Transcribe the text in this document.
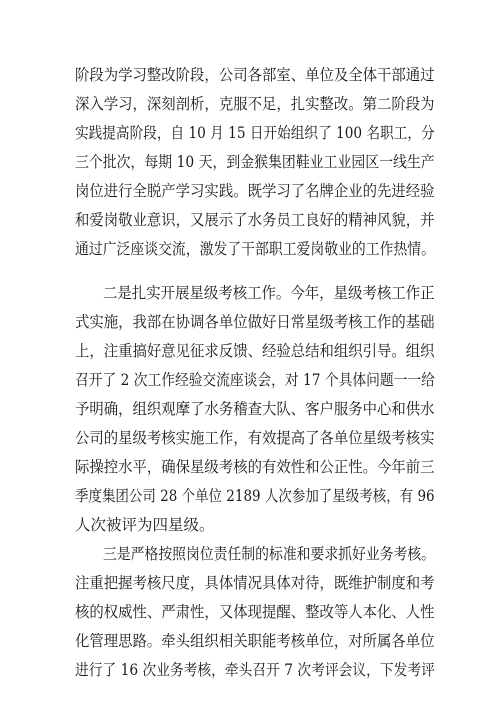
阶段为学习整改阶段，公司各部室、单位及全体干部通过
深入学习，深刻剖析，克服不足，扎实整改。第二阶段为
实践提高阶段，自 10 月 15 日开始组织了 100 名职工，分
三个批次，每期 10 天，到金猴集团鞋业工业园区一线生产
岗位进行全脱产学习实践。既学习了名牌企业的先进经验
和爱岗敬业意识，又展示了水务员工良好的精神风貌，并
通过广泛座谈交流，激发了干部职工爱岗敬业的工作热情。
二是扎实开展星级考核工作。今年，星级考核工作正
式实施，我部在协调各单位做好日常星级考核工作的基础
上，注重搞好意见征求反馈、经验总结和组织引导。组织
召开了 2 次工作经验交流座谈会，对 17 个具体问题一一给
予明确，组织观摩了水务稽查大队、客户服务中心和供水
公司的星级考核实施工作，有效提高了各单位星级考核实
际操控水平，确保星级考核的有效性和公正性。今年前三
季度集团公司 28 个单位 2189 人次参加了星级考核，有 96
人次被评为四星级。
三是严格按照岗位责任制的标准和要求抓好业务考核。
注重把握考核尺度，具体情况具体对待，既维护制度和考
核的权威性、严肃性，又体现提醒、整改等人本化、人性
化管理思路。牵头组织相关职能考核单位，对所属各单位
进行了 16 次业务考核，牵头召开 7 次考评会议，下发考评
